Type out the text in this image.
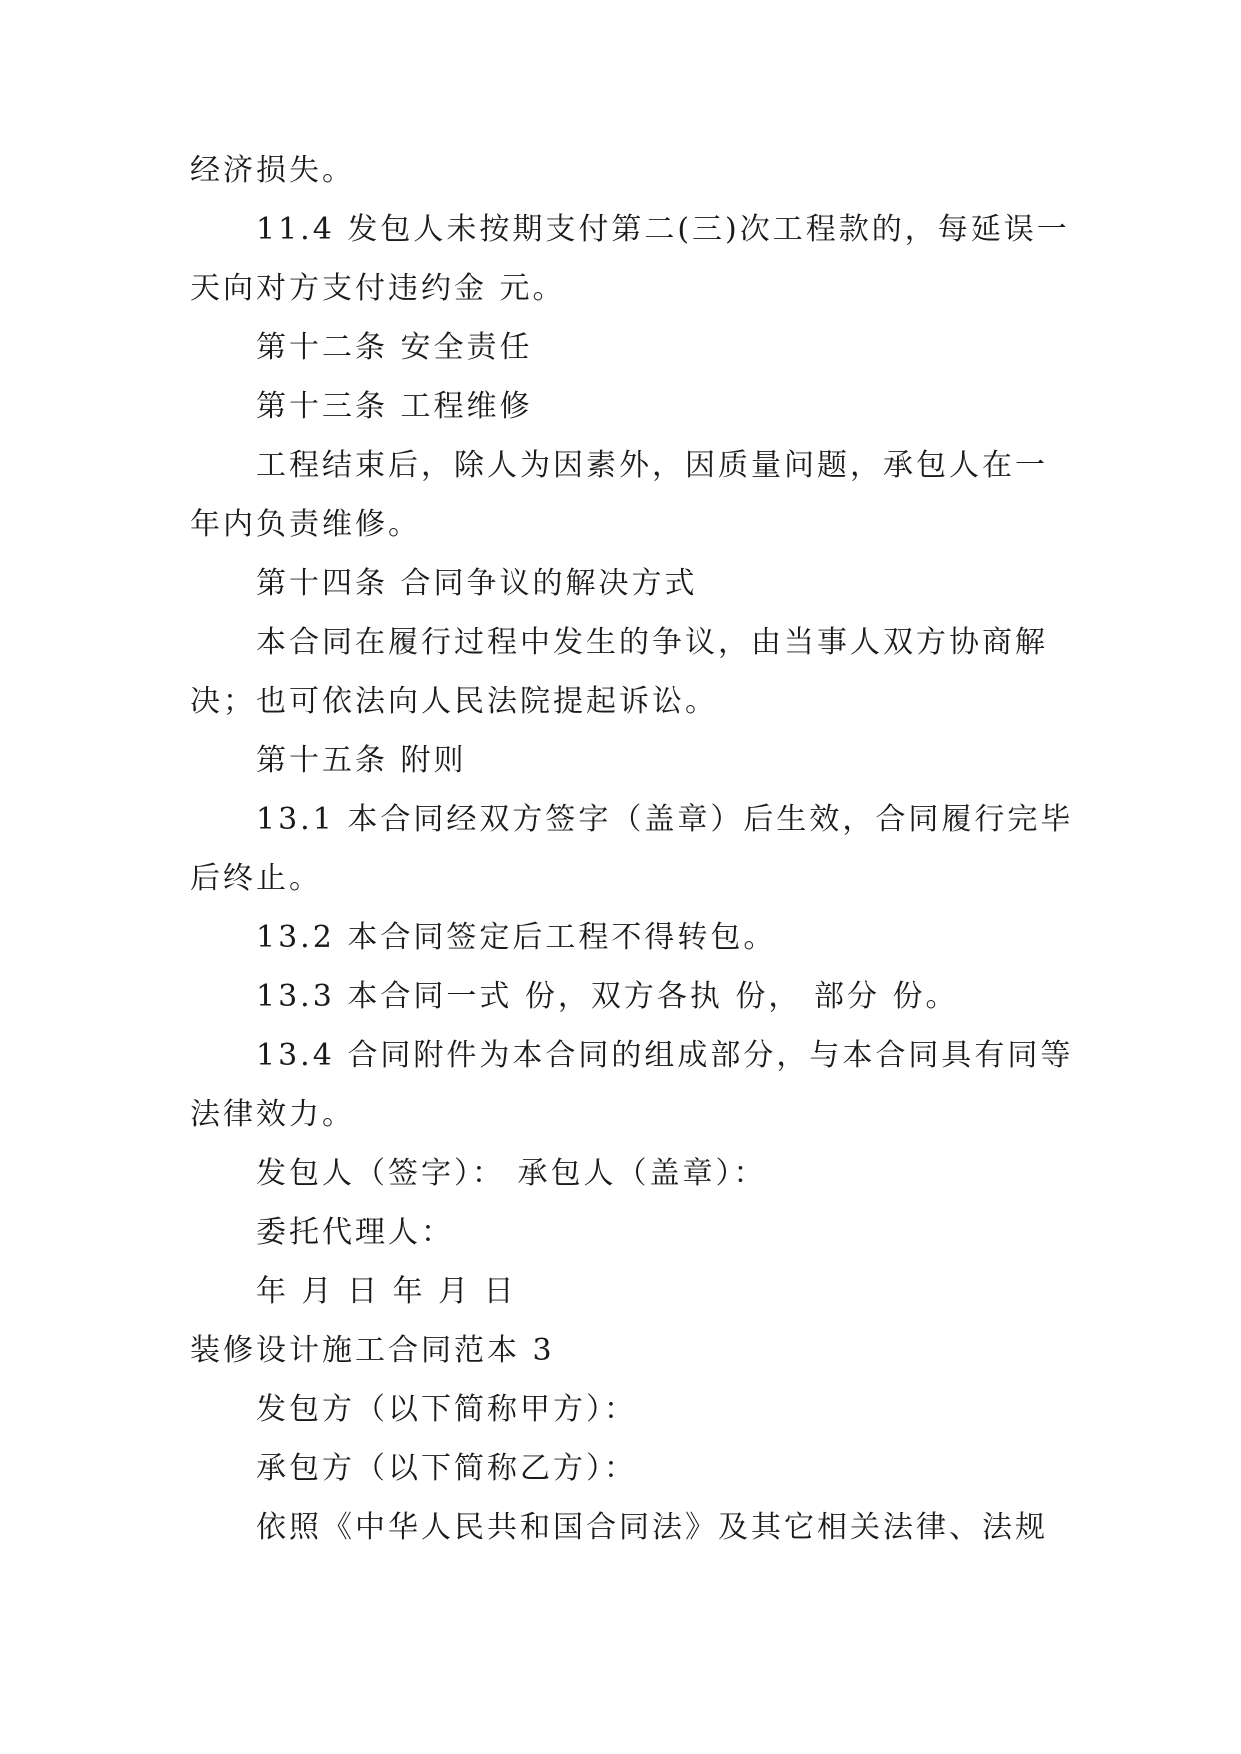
经济损失。
11.4 发包人未按期支付第二(三)次工程款的，每延误一
天向对方支付违约金 元。
第十二条 安全责任
第十三条 工程维修
工程结束后，除人为因素外，因质量问题，承包人在一
年内负责维修。
第十四条 合同争议的解决方式
本合同在履行过程中发生的争议，由当事人双方协商解
决；也可依法向人民法院提起诉讼。
第十五条 附则
13.1 本合同经双方签字（盖章）后生效，合同履行完毕
后终止。
13.2 本合同签定后工程不得转包。
13.3 本合同一式 份，双方各执 份， 部分 份。
13.4 合同附件为本合同的组成部分，与本合同具有同等
法律效力。
发包人（签字）： 承包人（盖章）：
委托代理人：
年 月 日 年 月 日
装修设计施工合同范本 3
发包方（以下简称甲方）：
承包方（以下简称乙方）：
依照《中华人民共和国合同法》及其它相关法律、法规
